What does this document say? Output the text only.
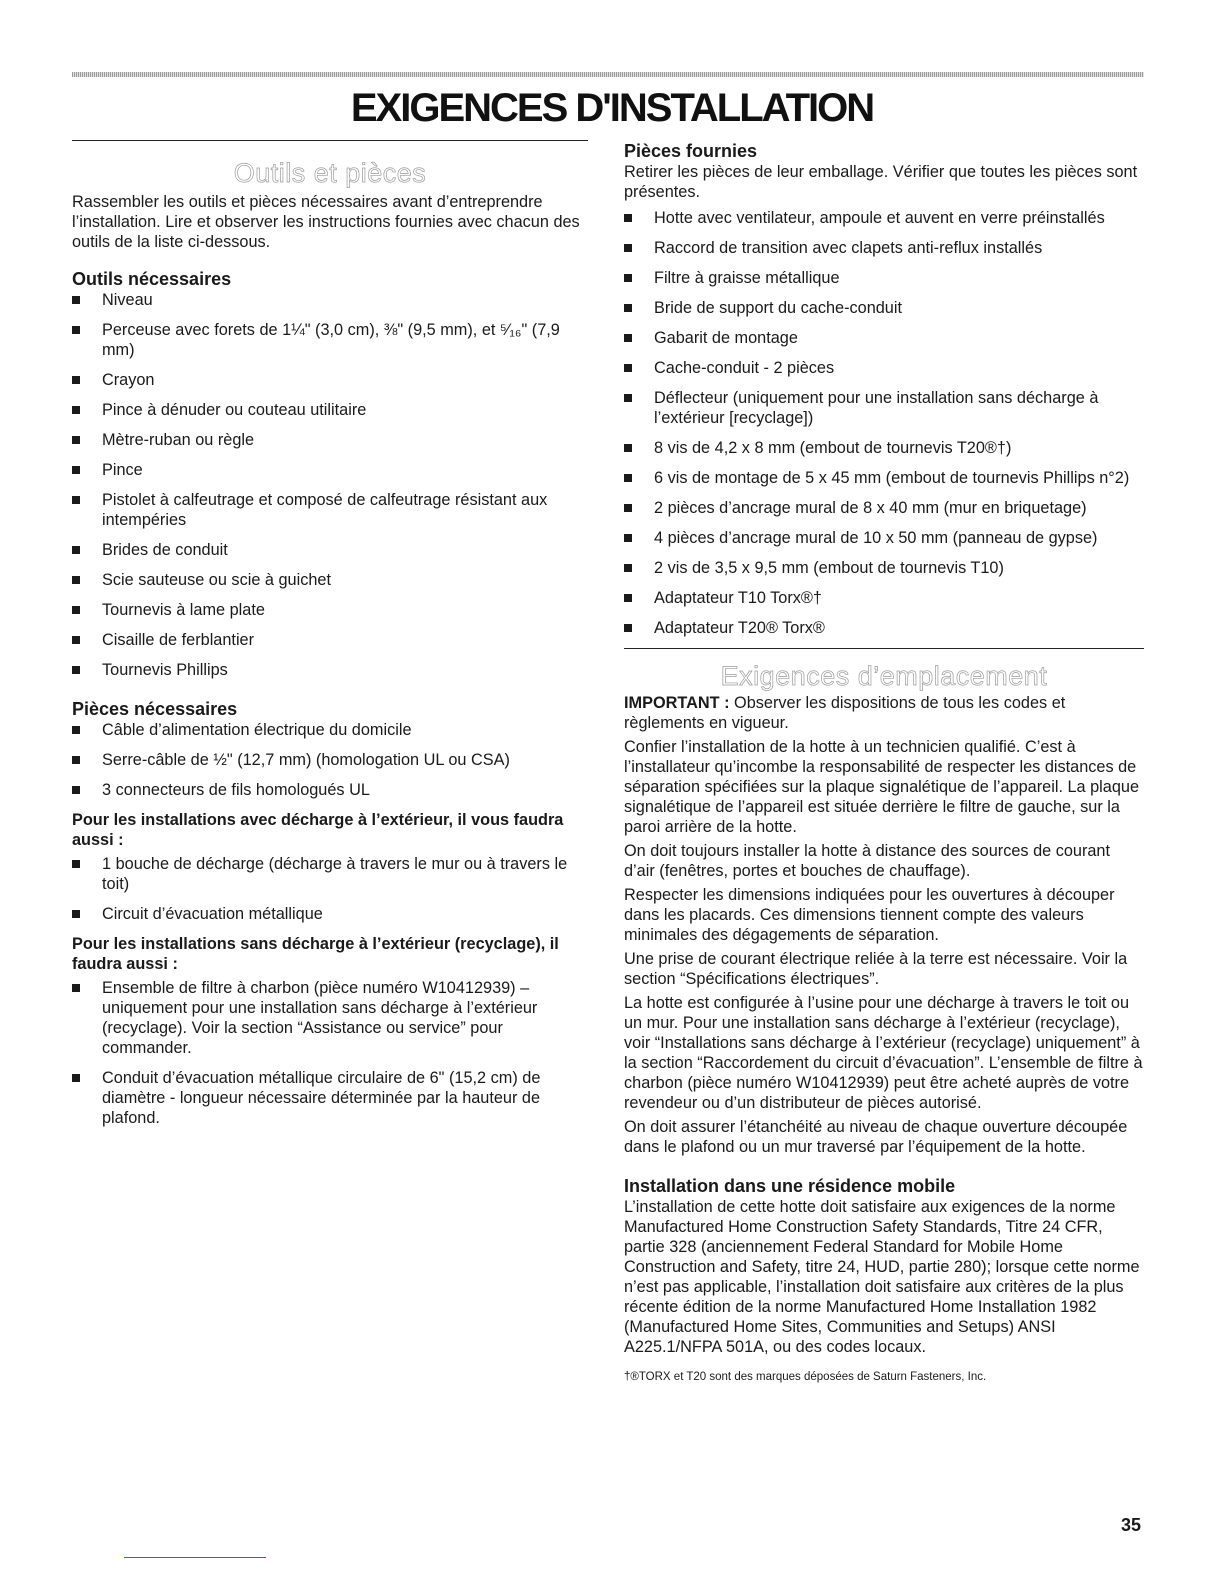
EXIGENCES D'INSTALLATION
Outils et pièces

Rassembler les outils et pièces nécessaires avant d’entreprendre l’installation. Lire et observer les instructions fournies avec chacun des outils de la liste ci-dessous.

Outils nécessaires
Niveau
Perceuse avec forets de 1¼" (3,0 cm), ⅜" (9,5 mm), et ⁵⁄₁₆" (7,9 mm)
Crayon
Pince à dénuder ou couteau utilitaire
Mètre-ruban ou règle
Pince
Pistolet à calfeutrage et composé de calfeutrage résistant aux intempéries
Brides de conduit
Scie sauteuse ou scie à guichet
Tournevis à lame plate
Cisaille de ferblantier
Tournevis Phillips
Pièces nécessaires
Câble d’alimentation électrique du domicile
Serre-câble de ½" (12,7 mm) (homologation UL ou CSA)
3 connecteurs de fils homologués UL
Pour les installations avec décharge à l’extérieur, il vous faudra aussi :
1 bouche de décharge (décharge à travers le mur ou à travers le toit)
Circuit d’évacuation métallique
Pour les installations sans décharge à l’extérieur (recyclage), il faudra aussi :
Ensemble de filtre à charbon (pièce numéro W10412939) – uniquement pour une installation sans décharge à l’extérieur (recyclage). Voir la section “Assistance ou service” pour commander.
Conduit d’évacuation métallique circulaire de 6" (15,2 cm) de diamètre - longueur nécessaire déterminée par la hauteur de plafond.
Pièces fournies

Retirer les pièces de leur emballage. Vérifier que toutes les pièces sont présentes.

Hotte avec ventilateur, ampoule et auvent en verre préinstallés
Raccord de transition avec clapets anti-reflux installés
Filtre à graisse métallique
Bride de support du cache-conduit
Gabarit de montage
Cache-conduit - 2 pièces
Déflecteur (uniquement pour une installation sans décharge à l’extérieur [recyclage])
8 vis de 4,2 x 8 mm (embout de tournevis T20®†)
6 vis de montage de 5 x 45 mm (embout de tournevis Phillips n°2)
2 pièces d’ancrage mural de 8 x 40 mm (mur en briquetage)
4 pièces d’ancrage mural de 10 x 50 mm (panneau de gypse)
2 vis de 3,5 x 9,5 mm (embout de tournevis T10)
Adaptateur T10 Torx®†
Adaptateur T20® Torx®
Exigences d’emplacement

IMPORTANT : Observer les dispositions de tous les codes et règlements en vigueur.

Confier l’installation de la hotte à un technicien qualifié. C’est à l’installateur qu’incombe la responsabilité de respecter les distances de séparation spécifiées sur la plaque signalétique de l’appareil. La plaque signalétique de l’appareil est située derrière le filtre de gauche, sur la paroi arrière de la hotte.

On doit toujours installer la hotte à distance des sources de courant d’air (fenêtres, portes et bouches de chauffage).

Respecter les dimensions indiquées pour les ouvertures à découper dans les placards. Ces dimensions tiennent compte des valeurs minimales des dégagements de séparation.

Une prise de courant électrique reliée à la terre est nécessaire. Voir la section “Spécifications électriques”.

La hotte est configurée à l’usine pour une décharge à travers le toit ou un mur. Pour une installation sans décharge à l’extérieur (recyclage), voir “Installations sans décharge à l’extérieur (recyclage) uniquement” à la section “Raccordement du circuit d’évacuation”. L’ensemble de filtre à charbon (pièce numéro W10412939) peut être acheté auprès de votre revendeur ou d’un distributeur de pièces autorisé.

On doit assurer l’étanchéité au niveau de chaque ouverture découpée dans le plafond ou un mur traversé par l’équipement de la hotte.

Installation dans une résidence mobile

L’installation de cette hotte doit satisfaire aux exigences de la norme Manufactured Home Construction Safety Standards, Titre 24 CFR, partie 328 (anciennement Federal Standard for Mobile Home Construction and Safety, titre 24, HUD, partie 280); lorsque cette norme n’est pas applicable, l’installation doit satisfaire aux critères de la plus récente édition de la norme Manufactured Home Installation 1982 (Manufactured Home Sites, Communities and Setups) ANSI A225.1/NFPA 501A, ou des codes locaux.

†®TORX et T20 sont des marques déposées de Saturn Fasteners, Inc.
35
